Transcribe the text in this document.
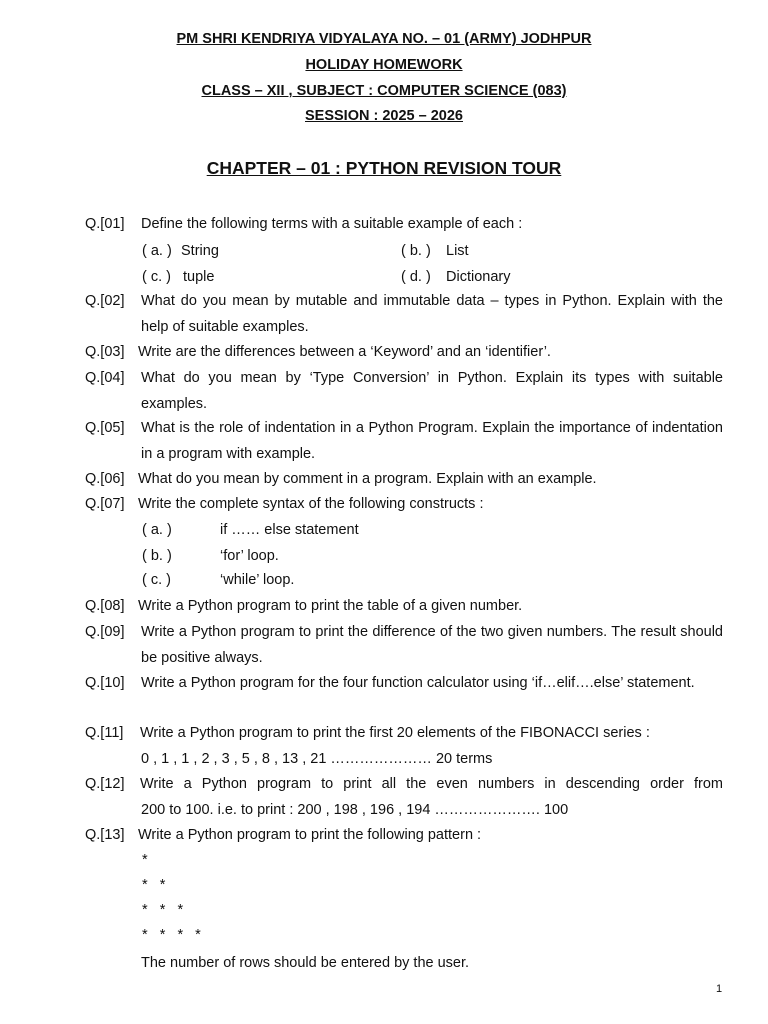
PM SHRI KENDRIYA VIDYALAYA NO. – 01 (ARMY) JODHPUR
HOLIDAY HOMEWORK
CLASS – XII , SUBJECT : COMPUTER SCIENCE (083)
SESSION : 2025 – 2026
CHAPTER – 01 : PYTHON REVISION TOUR
Q.[01] Define the following terms with a suitable example of each :
( a. ) String	( b. ) List
( c. ) tuple	( d. ) Dictionary
Q.[02] What do you mean by mutable and immutable data – types in Python. Explain with the help of suitable examples.
Q.[03] Write are the differences between a ‘Keyword’ and an ‘identifier’.
Q.[04] What do you mean by ‘Type Conversion’ in Python. Explain its types with suitable examples.
Q.[05] What is the role of indentation in a Python Program. Explain the importance of indentation in a program with example.
Q.[06] What do you mean by comment in a program. Explain with an example.
Q.[07] Write the complete syntax of the following constructs :
( a. )	if …… else statement
( b. )	‘for’ loop.
( c. )	‘while’ loop.
Q.[08] Write a Python program to print the table of a given number.
Q.[09] Write a Python program to print the difference of the two given numbers. The result should be positive always.
Q.[10] Write a Python program for the four function calculator using ‘if…elif….else’ statement.
Q.[11] Write a Python program to print the first 20 elements of the FIBONACCI series :
0 , 1 , 1 , 2 , 3 , 5 , 8 , 13 , 21 ………………… 20 terms
Q.[12] Write a Python program to print all the even numbers in descending order from
200 to 100. i.e. to print : 200 , 198 , 196 , 194 …………………. 100
Q.[13] Write a Python program to print the following pattern :
*
*   *
*   *   *
*   *   *   *
The number of rows should be entered by the user.
1
